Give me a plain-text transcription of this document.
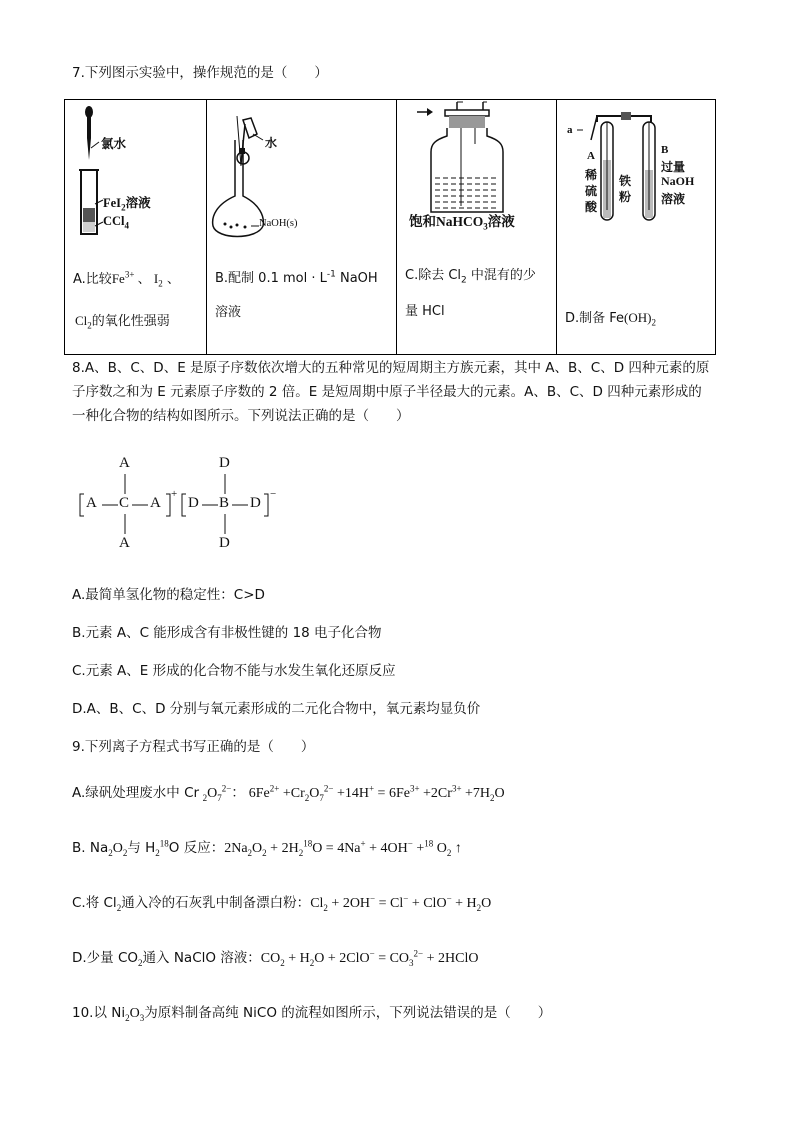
7.下列图示实验中，操作规范的是（　　）
氯水
FeI$_2$溶液
CCl$_4$
A.比较$Fe^{3+}$ 、 $I_2$ 、
$Cl_2$的氧化性强弱

水
NaOH(s)
B.配制 0.1 mol · $L^{-1}$ NaOH
溶液

饱和NaHCO$_3$溶液
C.除去 $Cl_2$ 中混有的少
量 HCl

a
A
稀
硫
酸
铁
粉
B
过量
NaOH
溶液
D.制备 $Fe(OH)_2$
8.A、B、C、D、E 是原子序数依次增大的五种常见的短周期主方族元素，其中 A、B、C、D 四种元素的原
子序数之和为 E 元素原子序数的 2 倍。E 是短周期中原子半径最大的元素。A、B、C、D 四种元素形成的
一种化合物的结构如图所示。下列说法正确的是（　　）
A
A C A
A
+
D
D B D
D
−
A.最简单氢化物的稳定性：C>D
B.元素 A、C 能形成含有非极性键的 18 电子化合物
C.元素 A、E 形成的化合物不能与水发生氧化还原反应
D.A、B、C、D 分别与氧元素形成的二元化合物中，氧元素均显负价
9.下列离子方程式书写正确的是（　　）
A.绿矾处理废水中 Cr $_2O_7^{2-}$： $6Fe^{2+} +Cr_2O_7^{2-} +14H^+ = 6Fe^{3+} +2Cr^{3+} +7H_2O$
B. $Na_2O_2$与 $H_2^{18}O$ 反应：$2Na_2O_2 + 2H_2^{18}O = 4Na^+ + 4OH^- +^{18}$ $O_2$ ↑
C.将 $Cl_2$通入冷的石灰乳中制备漂白粉：$Cl_2 + 2OH^- = Cl^- + ClO^- + H_2O$
D.少量 $CO_2$通入 NaClO 溶液：$CO_2 + H_2O + 2ClO^- = CO_3^{2-}$ + 2HClO
10.以 $Ni_2O_3$为原料制备高纯 NiCO 的流程如图所示，下列说法错误的是（　　）
